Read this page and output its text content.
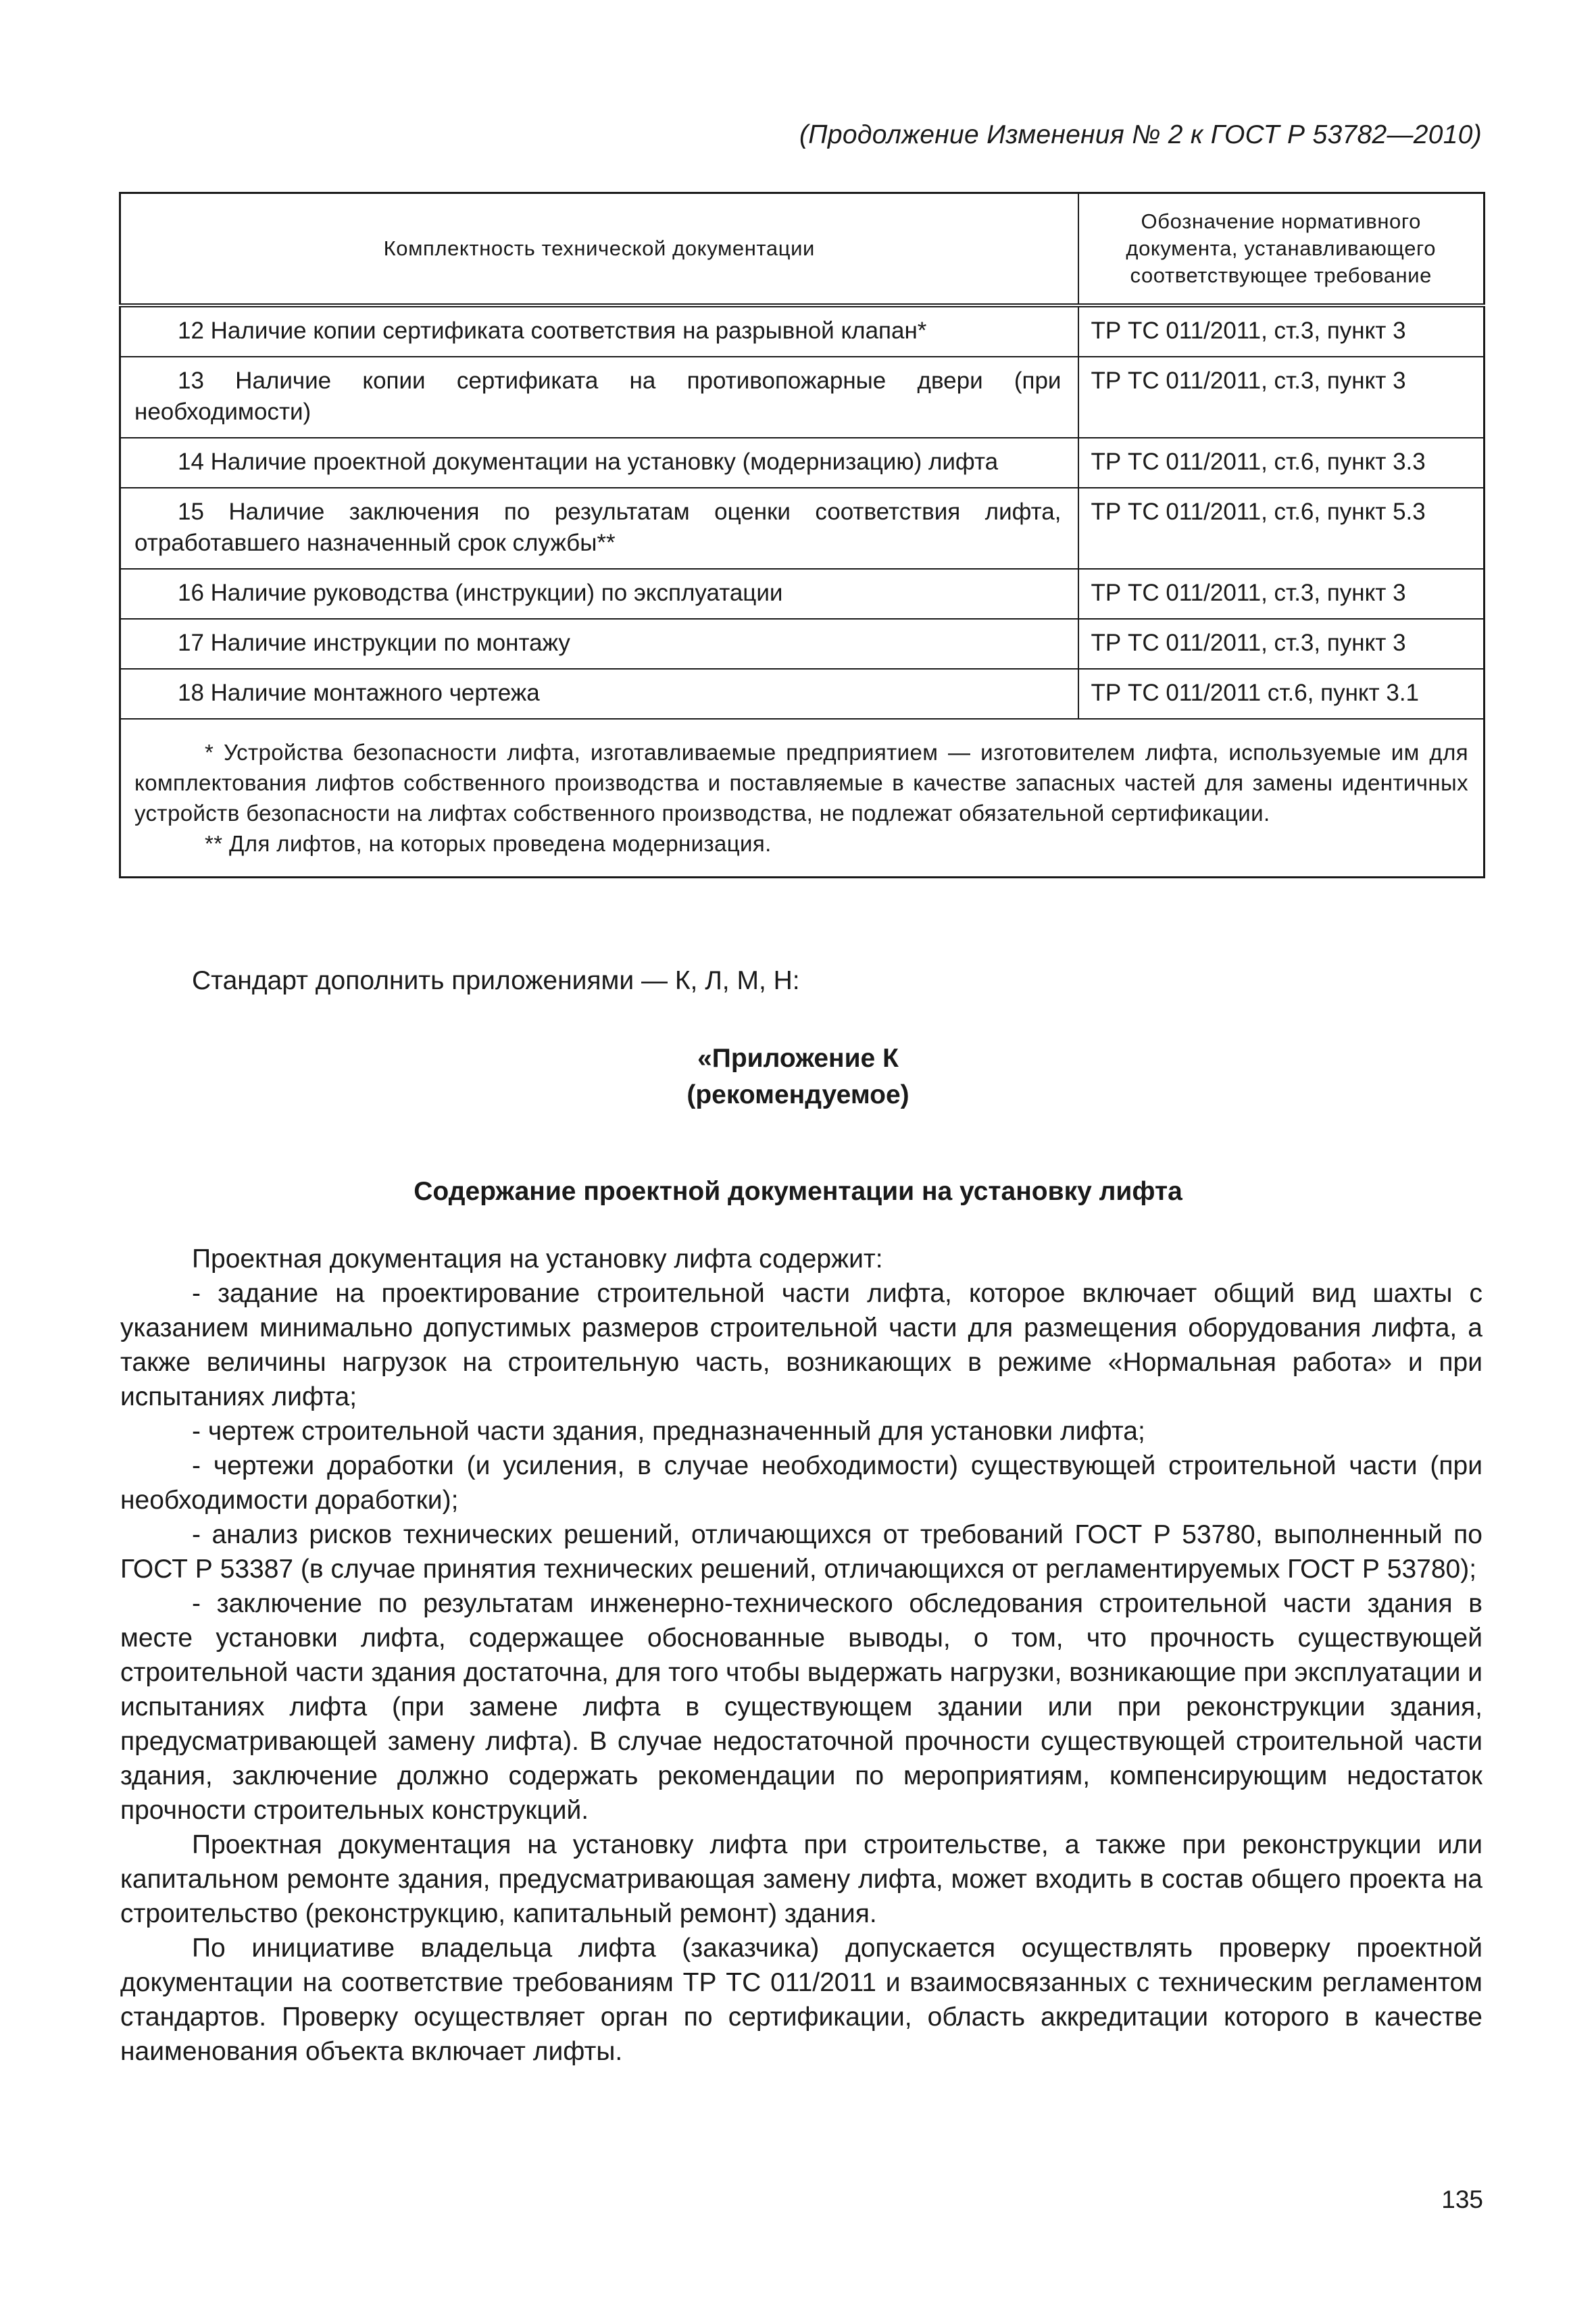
(Продолжение Изменения № 2 к ГОСТ Р 53782—2010)
Комплектность технической документации	Обозначение нормативного документа, устанавливающего соответствующее требование
12 Наличие копии сертификата соответствия на разрывной клапан*	ТР ТС 011/2011, ст.3, пункт 3
13 Наличие копии сертификата на противопожарные двери (при необходимости)	ТР ТС 011/2011, ст.3, пункт 3
14 Наличие проектной документации на установку (модернизацию) лифта	ТР ТС 011/2011, ст.6, пункт 3.3
15 Наличие заключения по результатам оценки соответствия лифта, отработавшего назначенный срок службы**	ТР ТС 011/2011, ст.6, пункт 5.3
16 Наличие руководства (инструкции) по эксплуатации	ТР ТС 011/2011, ст.3, пункт 3
17 Наличие инструкции по монтажу	ТР ТС 011/2011, ст.3, пункт 3
18 Наличие монтажного чертежа	ТР ТС 011/2011 ст.6, пункт 3.1

* Устройства безопасности лифта, изготавливаемые предприятием — изготовителем лифта, используемые им для комплектования лифтов собственного производства и поставляемые в качестве запасных частей для замены идентичных устройств безопасности на лифтах собственного производства, не подлежат обязательной сертификации.

** Для лифтов, на которых проведена модернизация.	

Стандарт дополнить приложениями — К, Л, М, Н:
«Приложение К
(рекомендуемое)
Содержание проектной документации на установку лифта

Проектная документация на установку лифта содержит:

- задание на проектирование строительной части лифта, которое включает общий вид шахты с указанием минимально допустимых размеров строительной части для размещения оборудования лифта, а также величины нагрузок на строительную часть, возникающих в режиме «Нормальная работа» и при испытаниях лифта;

- чертеж строительной части здания, предназначенный для установки лифта;

- чертежи доработки (и усиления, в случае необходимости) существующей строительной части (при необходимости доработки);

- анализ рисков технических решений, отличающихся от требований ГОСТ Р 53780, выполненный по ГОСТ Р 53387 (в случае принятия технических решений, отличающихся от регламентируемых ГОСТ Р 53780);

- заключение по результатам инженерно-технического обследования строительной части здания в месте установки лифта, содержащее обоснованные выводы, о том, что прочность существующей строительной части здания достаточна, для того чтобы выдержать нагрузки, возникающие при эксплуатации и испытаниях лифта (при замене лифта в существующем здании или при реконструкции здания, предусматривающей замену лифта). В случае недостаточной прочности существующей строительной части здания, заключение должно содержать рекомендации по мероприятиям, компенсирующим недостаток прочности строительных конструкций.

Проектная документация на установку лифта при строительстве, а также при реконструкции или капитальном ремонте здания, предусматривающая замену лифта, может входить в состав общего проекта на строительство (реконструкцию, капитальный ремонт) здания.

По инициативе владельца лифта (заказчика) допускается осуществлять проверку проектной документации на соответствие требованиям ТР ТС 011/2011 и взаимосвязанных с техническим регламентом стандартов. Проверку осуществляет орган по сертификации, область аккредитации которого в качестве наименования объекта включает лифты.

135
